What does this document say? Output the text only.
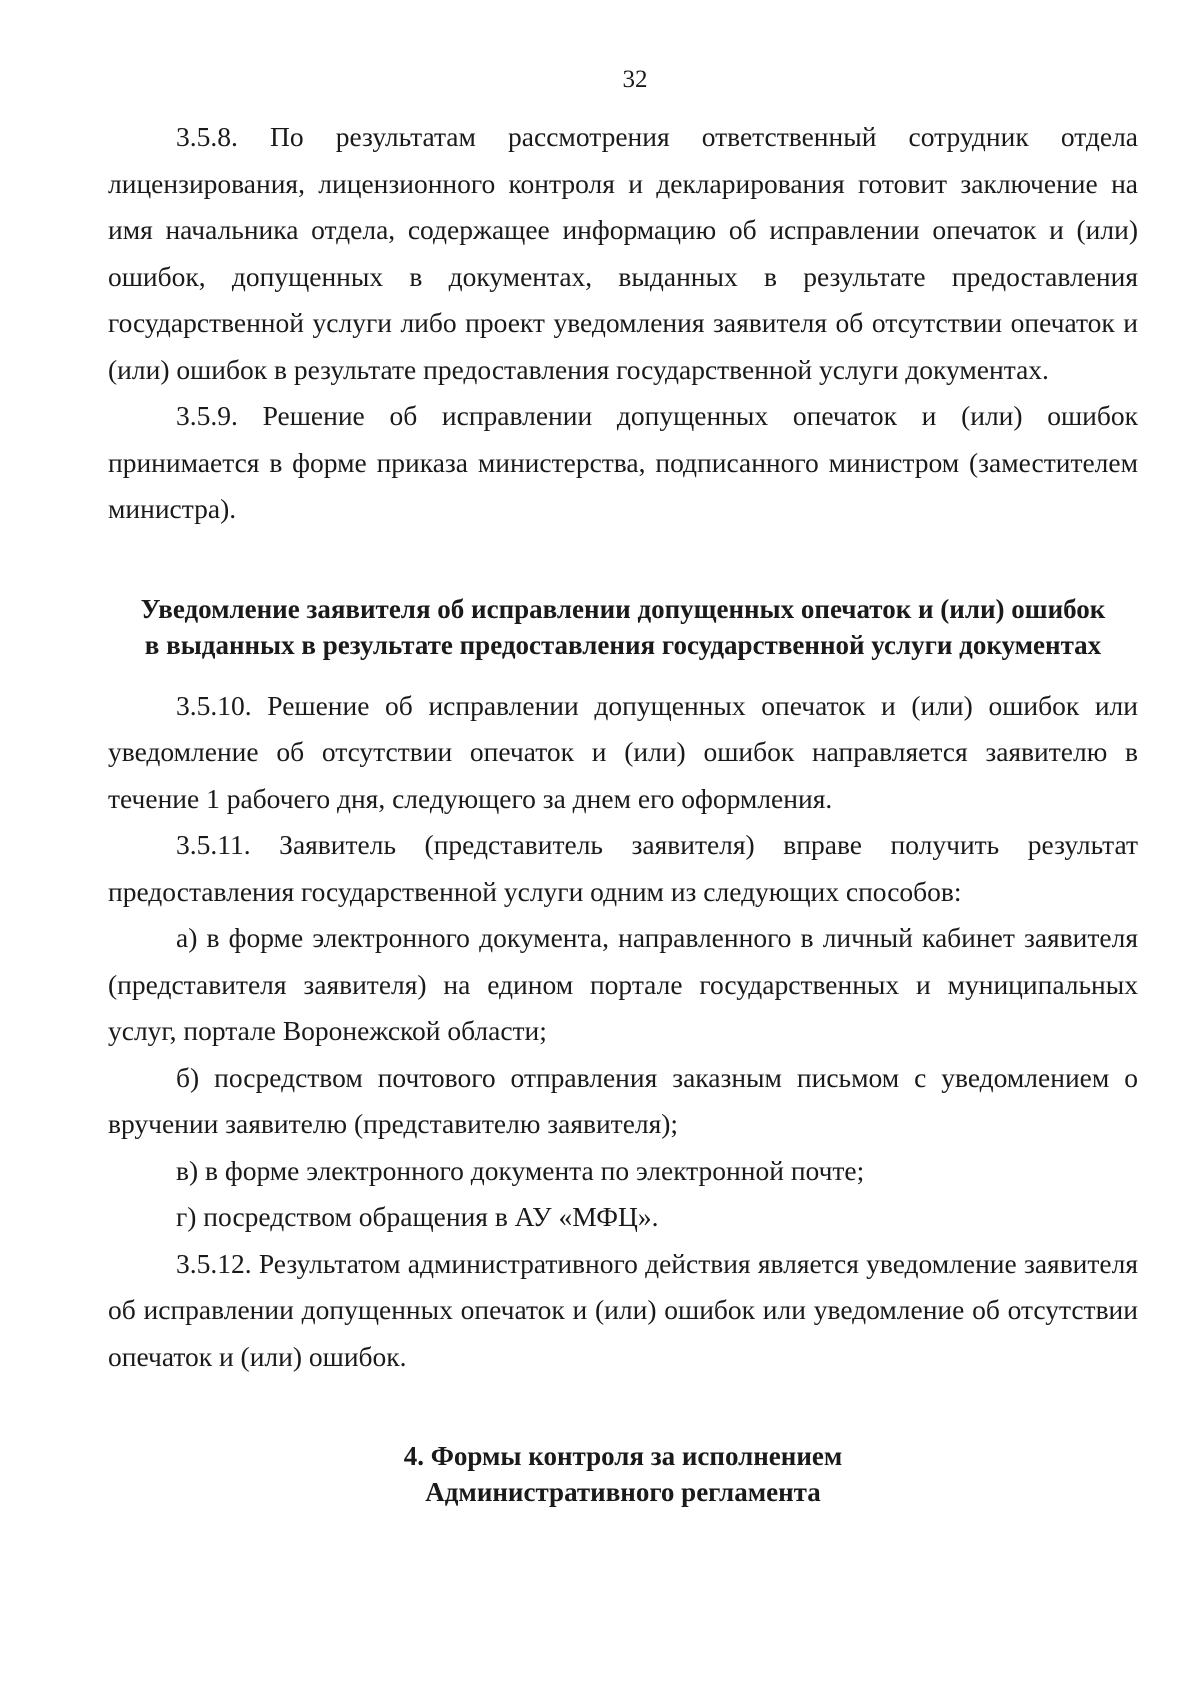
32

3.5.8. По результатам рассмотрения ответственный сотрудник отдела лицензирования, лицензионного контроля и декларирования готовит заключение на имя начальника отдела, содержащее информацию об исправлении опечаток и (или) ошибок, допущенных в документах, выданных в результате предоставления государственной услуги либо проект уведомления заявителя об отсутствии опечаток и (или) ошибок в результате предоставления государственной услуги документах.

3.5.9. Решение об исправлении допущенных опечаток и (или) ошибок принимается в форме приказа министерства, подписанного министром (заместителем министра).

Уведомление заявителя об исправлении допущенных опечаток и (или) ошибок
в выданных в результате предоставления государственной услуги документах

3.5.10. Решение об исправлении допущенных опечаток и (или) ошибок или уведомление об отсутствии опечаток и (или) ошибок направляется заявителю в течение 1 рабочего дня, следующего за днем его оформления.

3.5.11. Заявитель (представитель заявителя) вправе получить результат предоставления государственной услуги одним из следующих способов:

а) в форме электронного документа, направленного в личный кабинет заявителя (представителя заявителя) на едином портале государственных и муниципальных услуг, портале Воронежской области;

б) посредством почтового отправления заказным письмом с уведомлением о вручении заявителю (представителю заявителя);

в) в форме электронного документа по электронной почте;

г) посредством обращения в АУ «МФЦ».

3.5.12. Результатом административного действия является уведомление заявителя об исправлении допущенных опечаток и (или) ошибок или уведомление об отсутствии опечаток и (или) ошибок.

4. Формы контроля за исполнением
Административного регламента
